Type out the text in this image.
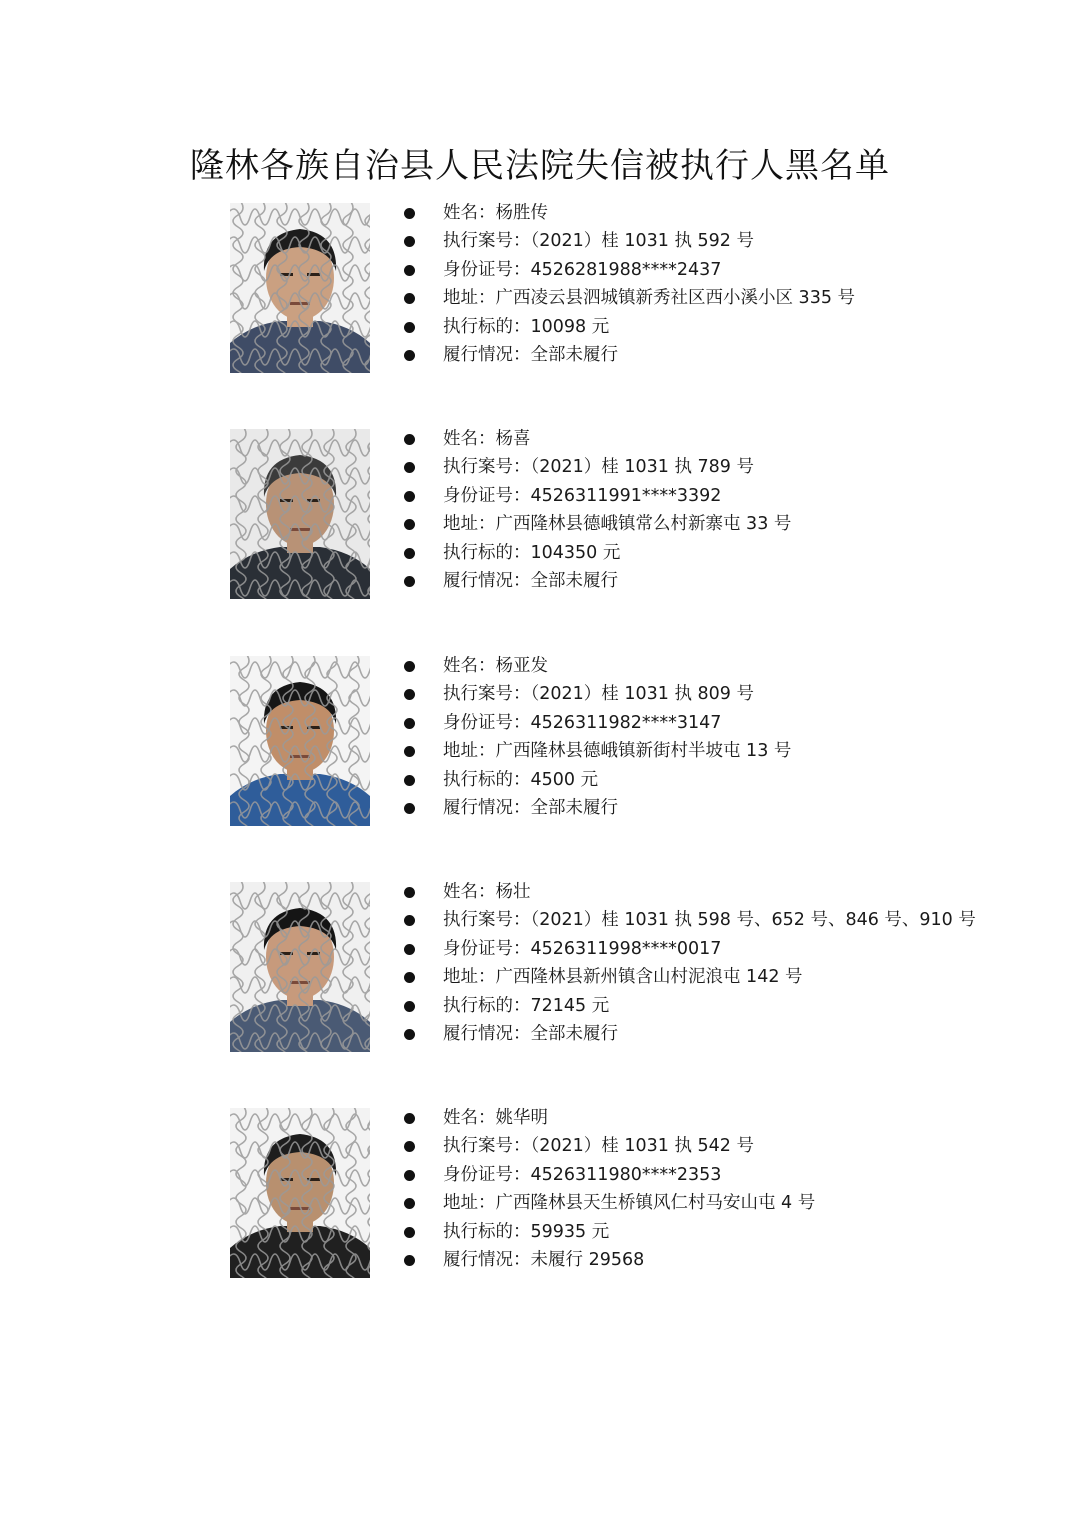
隆林各族自治县人民法院失信被执行人黑名单
姓名：杨胜传
执行案号：（2021）桂 1031 执 592 号
身份证号：4526281988****2437
地址：广西凌云县泗城镇新秀社区西小溪小区 335 号
执行标的：10098 元
履行情况：全部未履行
姓名：杨喜
执行案号：（2021）桂 1031 执 789 号
身份证号：4526311991****3392
地址：广西隆林县德峨镇常么村新寨屯 33 号
执行标的：104350 元
履行情况：全部未履行
姓名：杨亚发
执行案号：（2021）桂 1031 执 809 号
身份证号：4526311982****3147
地址：广西隆林县德峨镇新街村半坡屯 13 号
执行标的：4500 元
履行情况：全部未履行
姓名：杨壮
执行案号：（2021）桂 1031 执 598 号、652 号、846 号、910 号
身份证号：4526311998****0017
地址：广西隆林县新州镇含山村泥浪屯 142 号
执行标的：72145 元
履行情况：全部未履行
姓名：姚华明
执行案号：（2021）桂 1031 执 542 号
身份证号：4526311980****2353
地址：广西隆林县天生桥镇风仁村马安山屯 4 号
执行标的：59935 元
履行情况：未履行 29568
